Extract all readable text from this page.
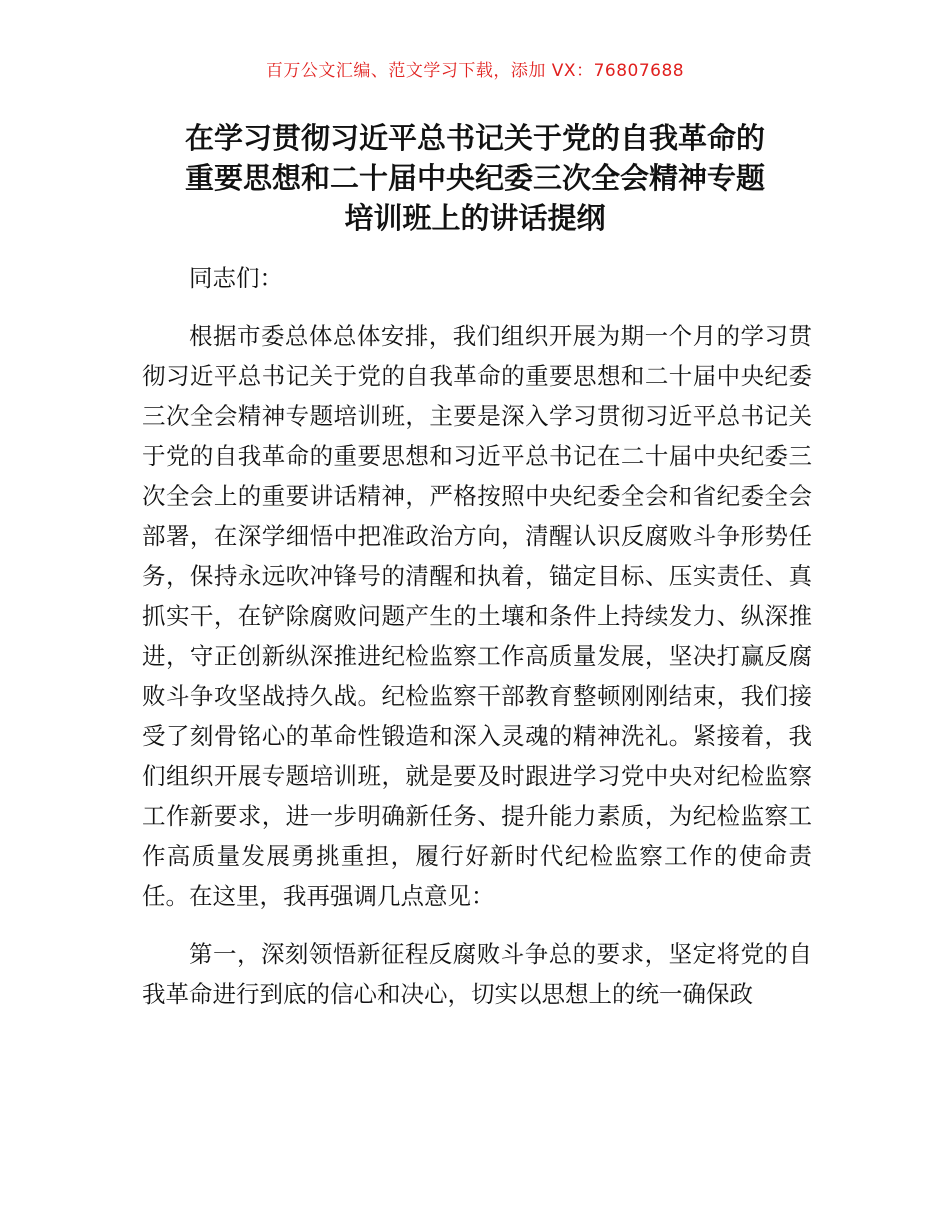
百万公文汇编、范文学习下载，添加 VX：76807688
在学习贯彻习近平总书记关于党的自我革命的
重要思想和二十届中央纪委三次全会精神专题
培训班上的讲话提纲

同志们：

根据市委总体总体安排，我们组织开展为期一个月的学习贯彻习近平总书记关于党的自我革命的重要思想和二十届中央纪委三次全会精神专题培训班，主要是深入学习贯彻习近平总书记关于党的自我革命的重要思想和习近平总书记在二十届中央纪委三次全会上的重要讲话精神，严格按照中央纪委全会和省纪委全会部署，在深学细悟中把准政治方向，清醒认识反腐败斗争形势任务，保持永远吹冲锋号的清醒和执着，锚定目标、压实责任、真抓实干，在铲除腐败问题产生的土壤和条件上持续发力、纵深推进，守正创新纵深推进纪检监察工作高质量发展，坚决打赢反腐败斗争攻坚战持久战。纪检监察干部教育整顿刚刚结束，我们接受了刻骨铭心的革命性锻造和深入灵魂的精神洗礼。紧接着，我们组织开展专题培训班，就是要及时跟进学习党中央对纪检监察工作新要求，进一步明确新任务、提升能力素质，为纪检监察工作高质量发展勇挑重担，履行好新时代纪检监察工作的使命责任。在这里，我再强调几点意见：

第一，深刻领悟新征程反腐败斗争总的要求，坚定将党的自我革命进行到底的信心和决心，切实以思想上的统一确保政
